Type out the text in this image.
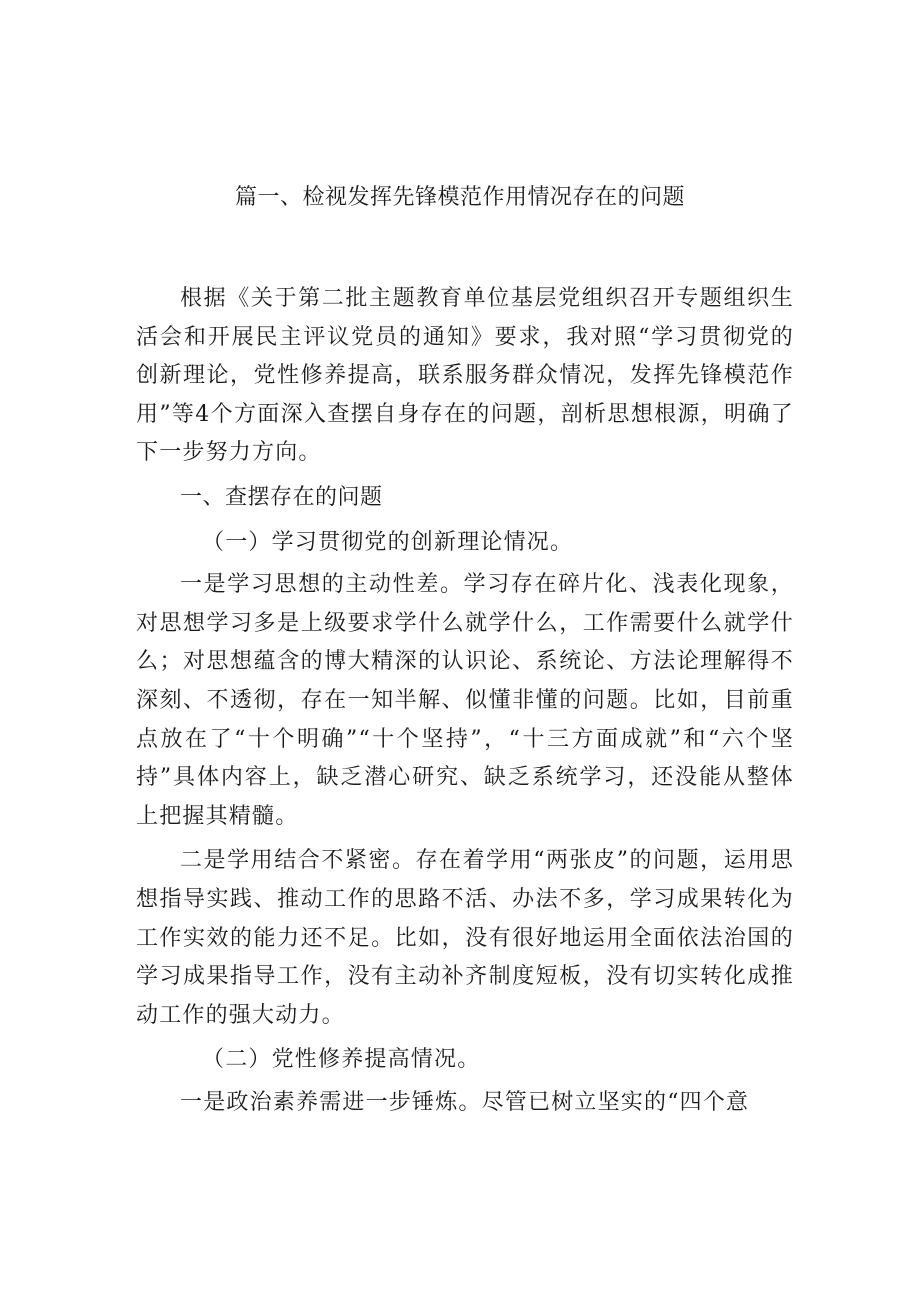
篇一、检视发挥先锋模范作用情况存在的问题

根据《关于第二批主题教育单位基层党组织召开专题组织生活会和开展民主评议党员的通知》要求，我对照“学习贯彻党的创新理论，党性修养提高，联系服务群众情况，发挥先锋模范作用”等4个方面深入查摆自身存在的问题，剖析思想根源，明确了下一步努力方向。

一、查摆存在的问题

（一）学习贯彻党的创新理论情况。

一是学习思想的主动性差。学习存在碎片化、浅表化现象，对思想学习多是上级要求学什么就学什么，工作需要什么就学什么；对思想蕴含的博大精深的认识论、系统论、方法论理解得不深刻、不透彻，存在一知半解、似懂非懂的问题。比如，目前重点放在了“十个明确”“十个坚持”，“十三方面成就”和“六个坚持”具体内容上，缺乏潜心研究、缺乏系统学习，还没能从整体上把握其精髓。

二是学用结合不紧密。存在着学用“两张皮”的问题，运用思想指导实践、推动工作的思路不活、办法不多，学习成果转化为工作实效的能力还不足。比如，没有很好地运用全面依法治国的学习成果指导工作，没有主动补齐制度短板，没有切实转化成推动工作的强大动力。

（二）党性修养提高情况。

一是政治素养需进一步锤炼。尽管已树立坚实的“四个意
